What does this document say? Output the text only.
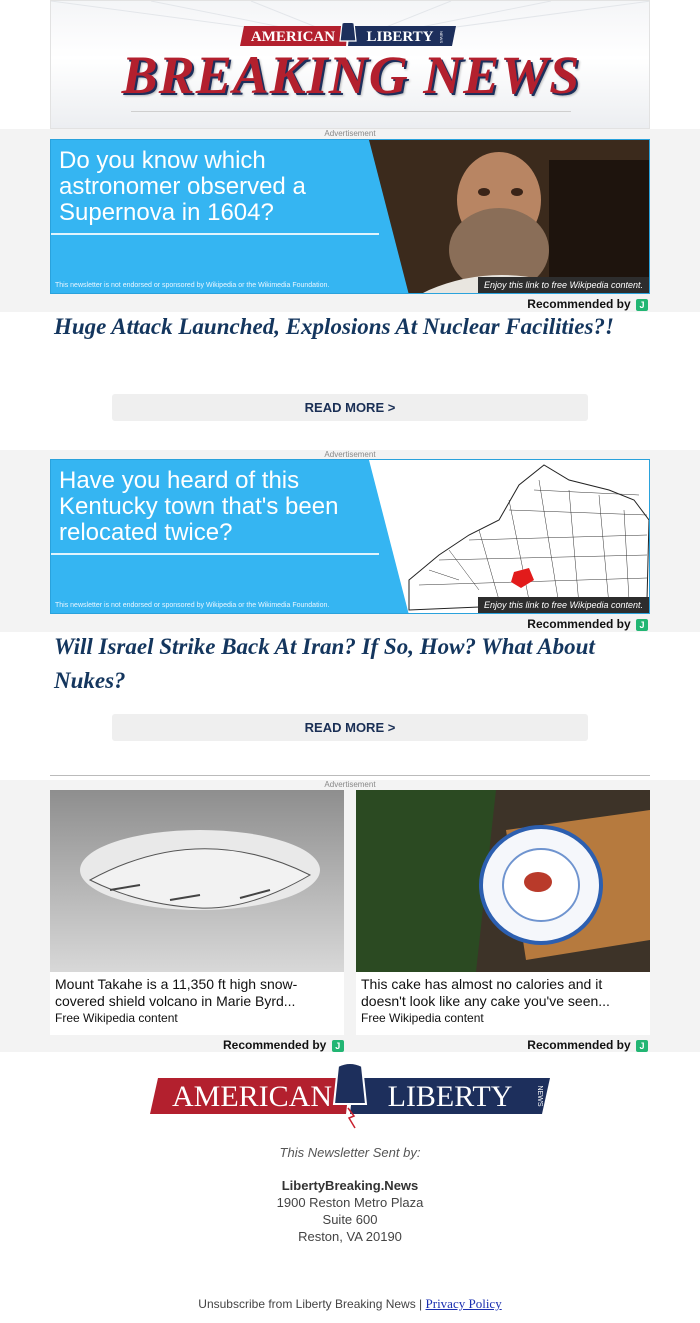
AMERICAN LIBERTY NEWS
BREAKING NEWS
Advertisement
Do you know which astronomer observed a Supernova in 1604?
This newsletter is not endorsed or sponsored by Wikipedia or the Wikimedia Foundation.	Enjoy this link to free Wikipedia content.
Recommended by J
Huge Attack Launched, Explosions At Nuclear Facilities?!
READ MORE >
Advertisement
Have you heard of this Kentucky town that's been relocated twice?
This newsletter is not endorsed or sponsored by Wikipedia or the Wikimedia Foundation.	Enjoy this link to free Wikipedia content.
Recommended by J
Will Israel Strike Back At Iran? If So, How? What About Nukes?
READ MORE >
Advertisement
Mount Takahe is a 11,350 ft high snow-covered shield volcano in Marie Byrd...
Free Wikipedia content
This cake has almost no calories and it doesn't look like any cake you've seen...
Free Wikipedia content
Recommended by J	Recommended by J
AMERICAN LIBERTY	NEWS
This Newsletter Sent by:
LibertyBreaking.News
1900 Reston Metro Plaza
Suite 600
Reston, VA 20190
Unsubscribe from Liberty Breaking News | Privacy Policy
